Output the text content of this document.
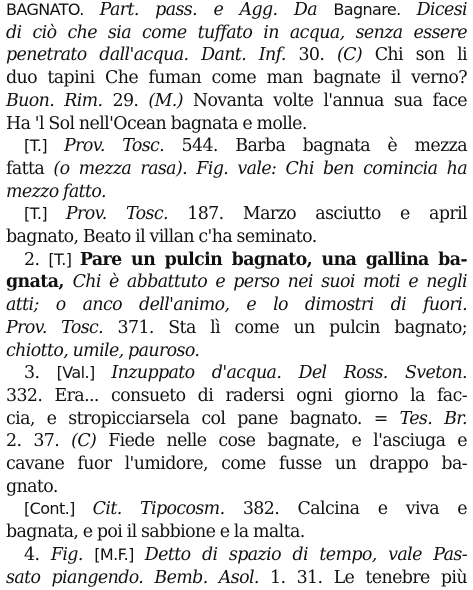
BAGNATO. Part. pass. e Agg. Da Bagnare. Dicesi
di ciò che sia come tuffato in acqua, senza essere
penetrato dall'acqua. Dant. Inf. 30. (C) Chi son li
duo tapini Che fuman come man bagnate il verno?
Buon. Rim. 29. (M.) Novanta volte l'annua sua face
Ha 'l Sol nell'Ocean bagnata e molle.
[T.] Prov. Tosc. 544. Barba bagnata è mezza
fatta (o mezza rasa). Fig. vale: Chi ben comincia ha
mezzo fatto.
[T.] Prov. Tosc. 187. Marzo asciutto e april
bagnato, Beato il villan c'ha seminato.
2. [T.] Pare un pulcin bagnato, una gallina ba-
gnata, Chi è abbattuto e perso nei suoi moti e negli
atti; o anco dell'animo, e lo dimostri di fuori.
Prov. Tosc. 371. Sta lì come un pulcin bagnato;
chiotto, umile, pauroso.
3. [Val.] Inzuppato d'acqua. Del Ross. Sveton.
332. Era... consueto di radersi ogni giorno la fac-
cia, e stropicciarsela col pane bagnato. = Tes. Br.
2. 37. (C) Fiede nelle cose bagnate, e l'asciuga e
cavane fuor l'umidore, come fusse un drappo ba-
gnato.
[Cont.] Cit. Tipocosm. 382. Calcina e viva e
bagnata, e poi il sabbione e la malta.
4. Fig. [M.F.] Detto di spazio di tempo, vale Pas-
sato piangendo. Bemb. Asol. 1. 31. Le tenebre più
